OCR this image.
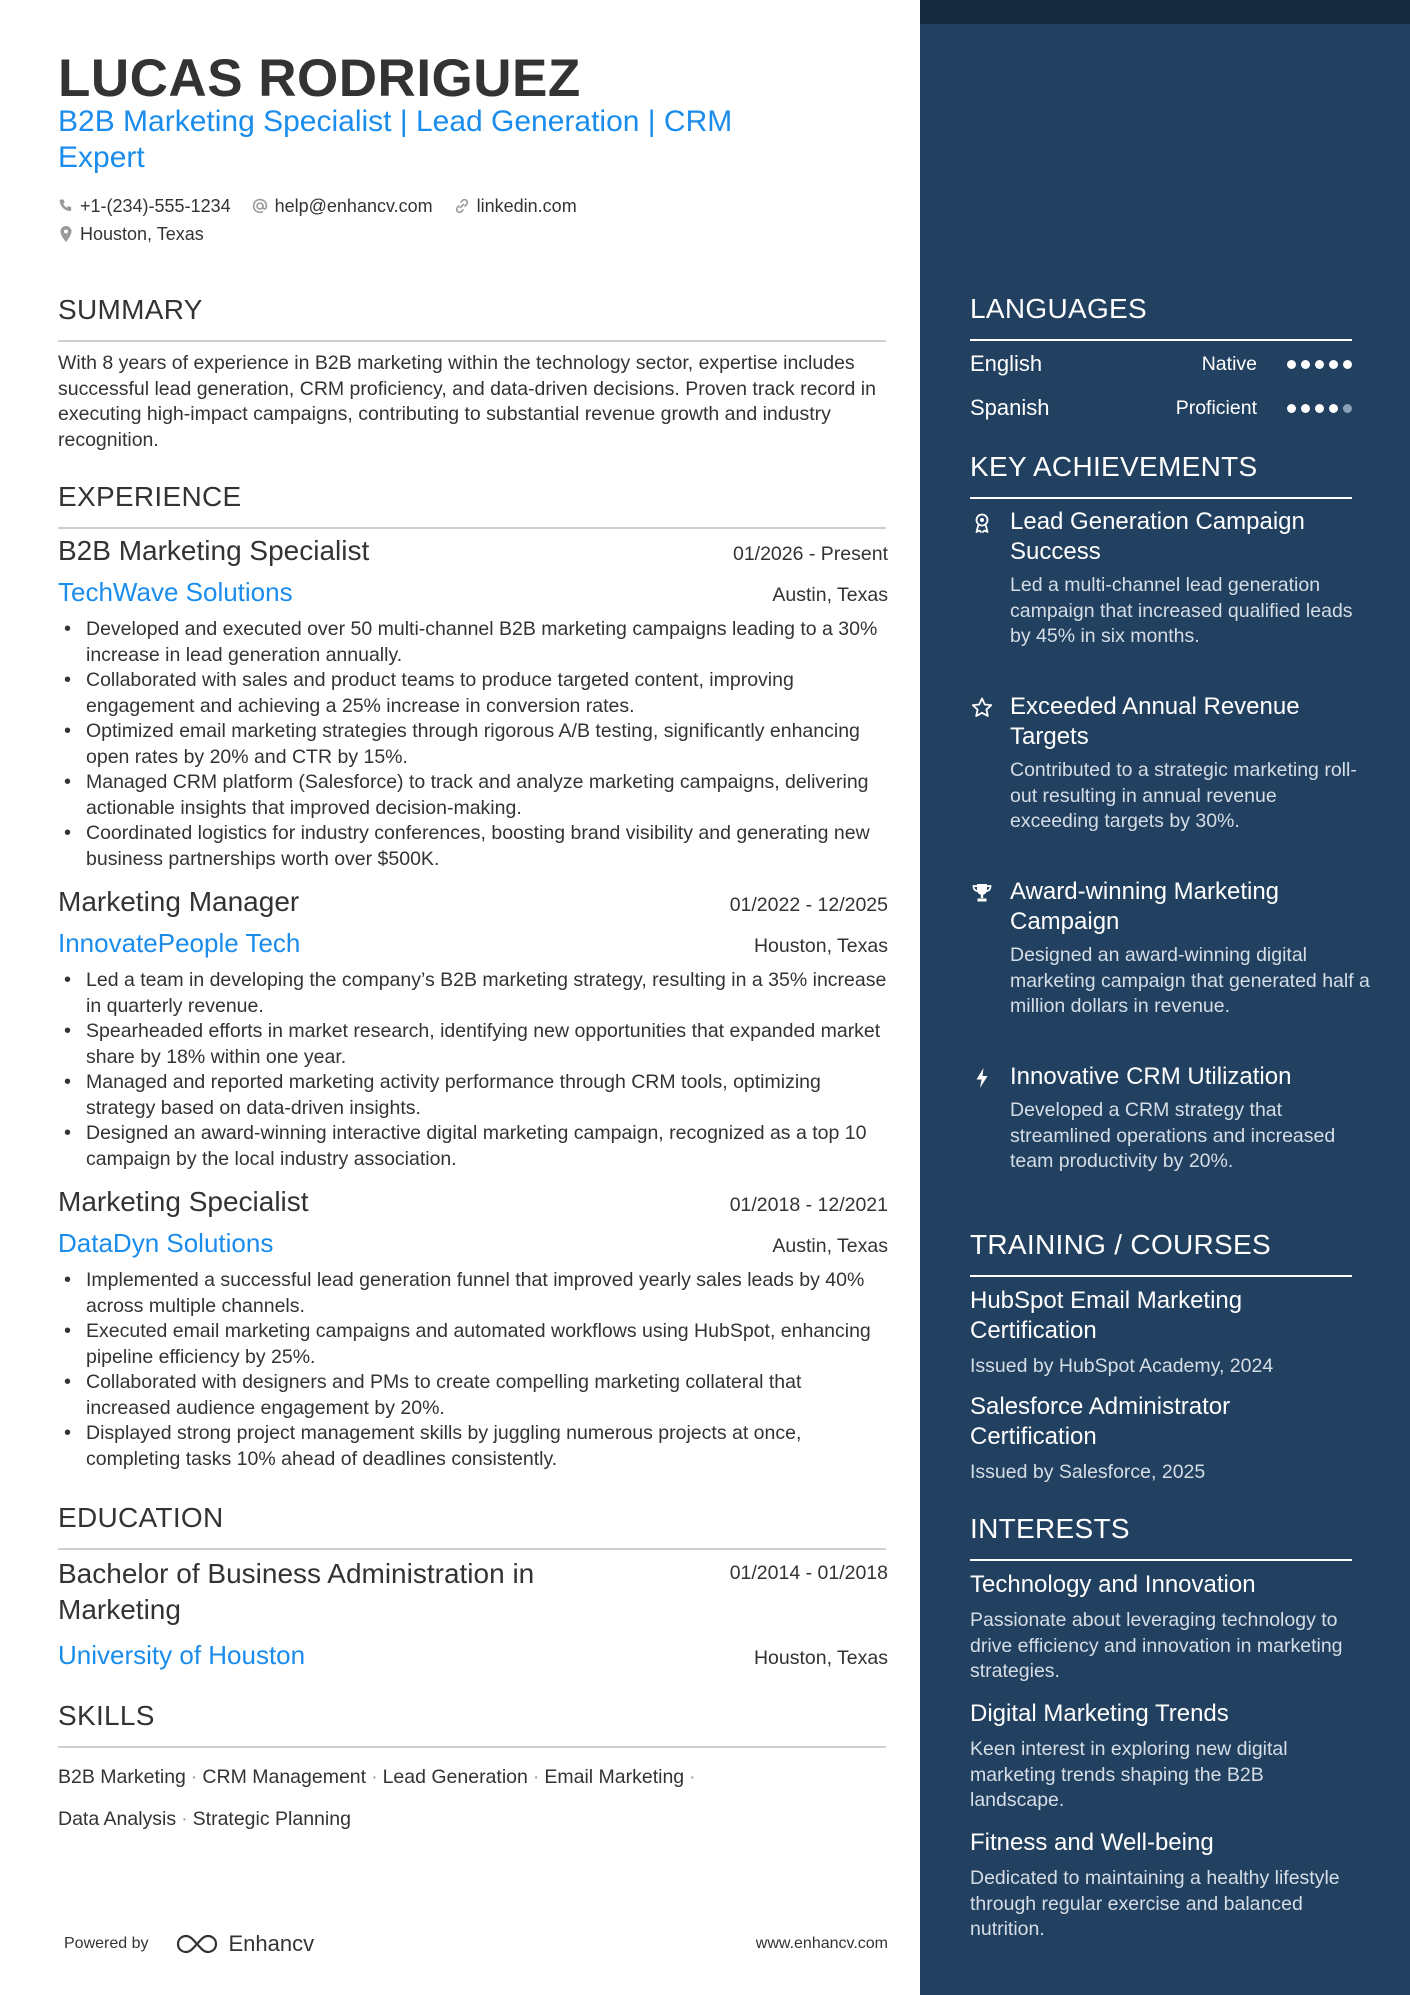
LUCAS RODRIGUEZ
B2B Marketing Specialist | Lead Generation | CRM Expert
+1-(234)-555-1234 help@enhancv.com linkedin.com
Houston, Texas
SUMMARY
With 8 years of experience in B2B marketing within the technology sector, expertise includes successful lead generation, CRM proficiency, and data-driven decisions. Proven track record in executing high-impact campaigns, contributing to substantial revenue growth and industry recognition.
EXPERIENCE
B2B Marketing Specialist	01/2026 - Present
TechWave Solutions	Austin, Texas
• Developed and executed over 50 multi-channel B2B marketing campaigns leading to a 30% increase in lead generation annually.
• Collaborated with sales and product teams to produce targeted content, improving engagement and achieving a 25% increase in conversion rates.
• Optimized email marketing strategies through rigorous A/B testing, significantly enhancing open rates by 20% and CTR by 15%.
• Managed CRM platform (Salesforce) to track and analyze marketing campaigns, delivering actionable insights that improved decision-making.
• Coordinated logistics for industry conferences, boosting brand visibility and generating new business partnerships worth over $500K.
Marketing Manager	01/2022 - 12/2025
InnovatePeople Tech	Houston, Texas
• Led a team in developing the company’s B2B marketing strategy, resulting in a 35% increase in quarterly revenue.
• Spearheaded efforts in market research, identifying new opportunities that expanded market share by 18% within one year.
• Managed and reported marketing activity performance through CRM tools, optimizing strategy based on data-driven insights.
• Designed an award-winning interactive digital marketing campaign, recognized as a top 10 campaign by the local industry association.
Marketing Specialist	01/2018 - 12/2021
DataDyn Solutions	Austin, Texas
• Implemented a successful lead generation funnel that improved yearly sales leads by 40% across multiple channels.
• Executed email marketing campaigns and automated workflows using HubSpot, enhancing pipeline efficiency by 25%.
• Collaborated with designers and PMs to create compelling marketing collateral that increased audience engagement by 20%.
• Displayed strong project management skills by juggling numerous projects at once, completing tasks 10% ahead of deadlines consistently.
EDUCATION
Bachelor of Business Administration in Marketing
01/2014 - 01/2018
University of Houston	Houston, Texas
SKILLS
B2B Marketing · CRM Management · Lead Generation · Email Marketing ·
Data Analysis · Strategic Planning
Powered by	Enhancv	www.enhancv.com
LANGUAGES
English	Native
Spanish	Proficient
KEY ACHIEVEMENTS
Lead Generation Campaign Success
Led a multi-channel lead generation campaign that increased qualified leads by 45% in six months.
Exceeded Annual Revenue Targets
Contributed to a strategic marketing roll-out resulting in annual revenue exceeding targets by 30%.
Award-winning Marketing Campaign
Designed an award-winning digital marketing campaign that generated half a million dollars in revenue.
Innovative CRM Utilization
Developed a CRM strategy that streamlined operations and increased team productivity by 20%.
TRAINING / COURSES
HubSpot Email Marketing Certification
Issued by HubSpot Academy, 2024
Salesforce Administrator Certification
Issued by Salesforce, 2025
INTERESTS
Technology and Innovation
Passionate about leveraging technology to drive efficiency and innovation in marketing strategies.
Digital Marketing Trends
Keen interest in exploring new digital marketing trends shaping the B2B landscape.
Fitness and Well-being
Dedicated to maintaining a healthy lifestyle through regular exercise and balanced nutrition.
